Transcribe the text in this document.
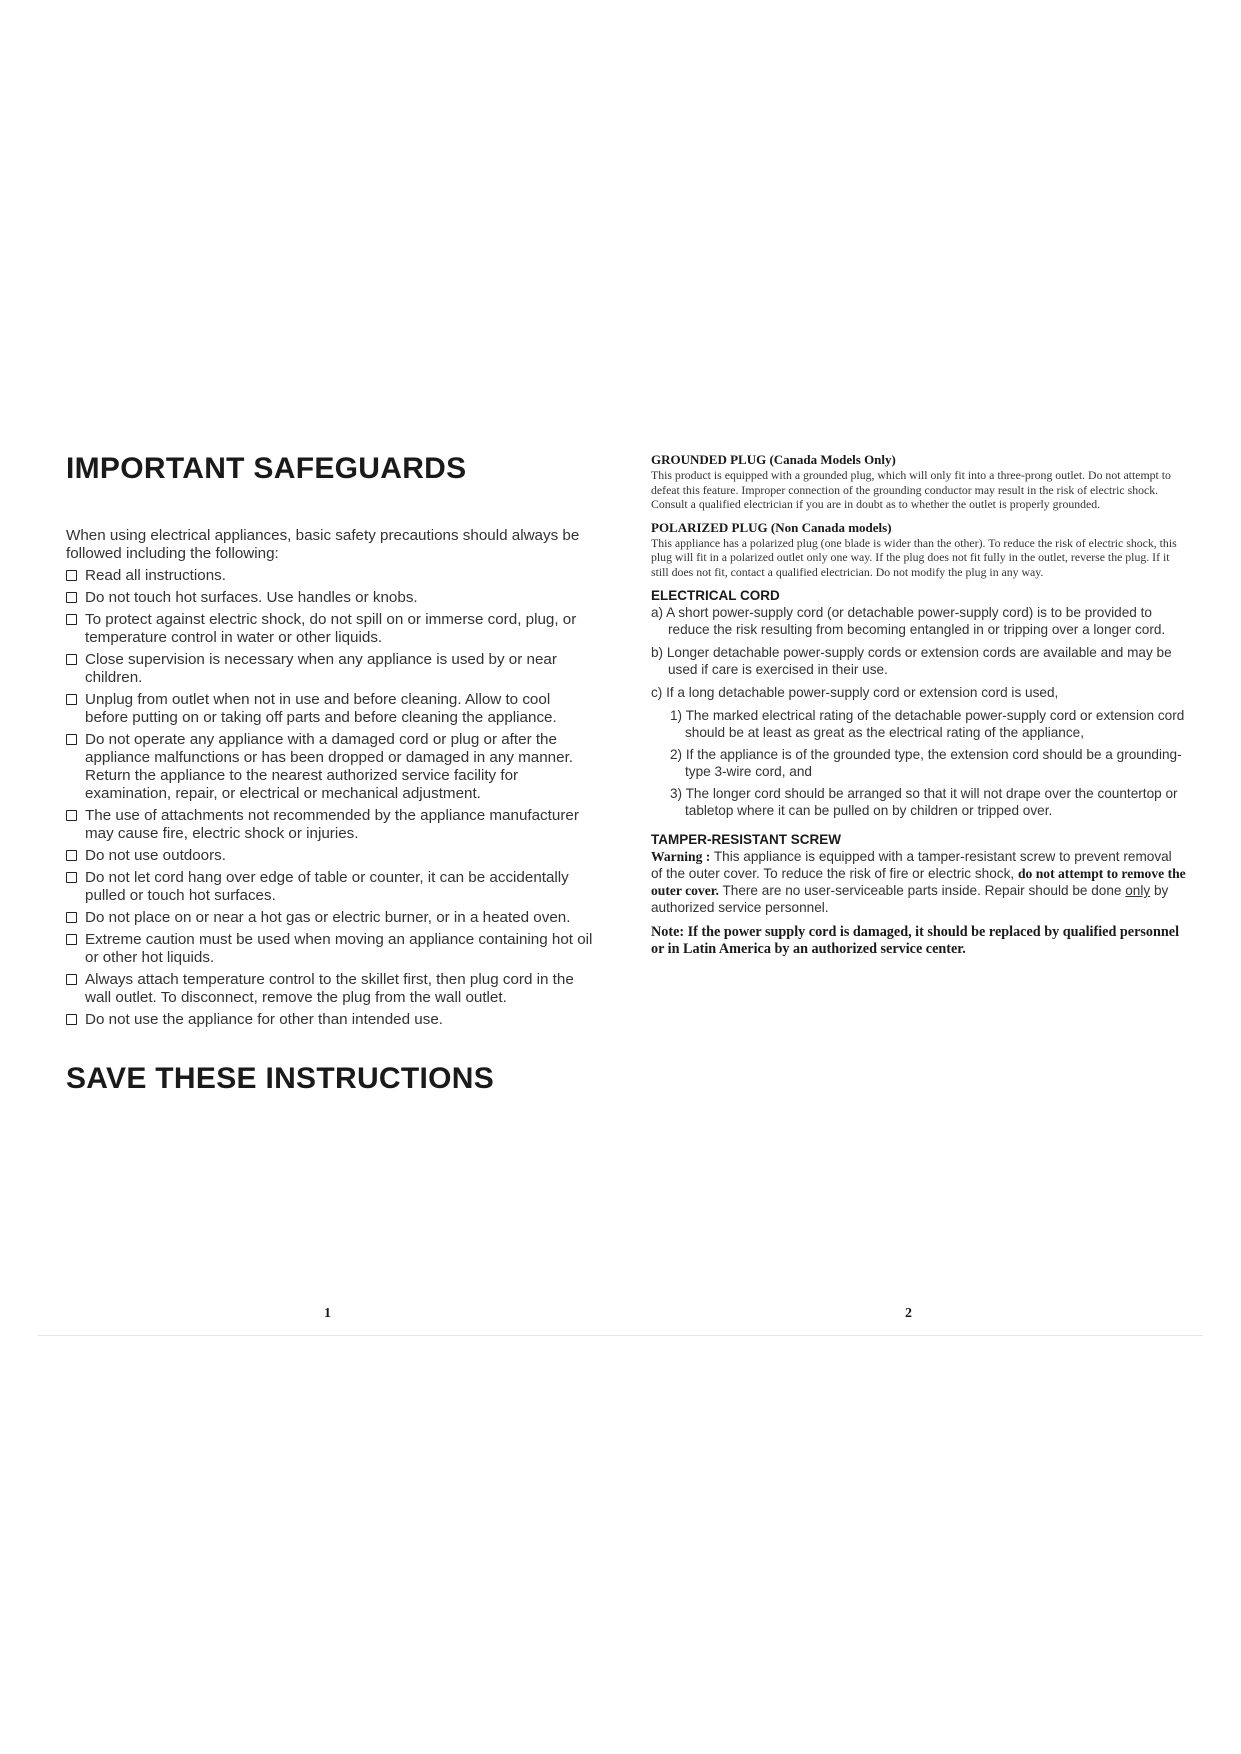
IMPORTANT SAFEGUARDS
When using electrical appliances, basic safety precautions should always be followed including the following:
Read all instructions.
Do not touch hot surfaces. Use handles or knobs.
To protect against electric shock, do not spill on or immerse cord, plug, or temperature control in water or other liquids.
Close supervision is necessary when any appliance is used by or near children.
Unplug from outlet when not in use and before cleaning. Allow to cool before putting on or taking off parts and before cleaning the appliance.
Do not operate any appliance with a damaged cord or plug or after the appliance malfunctions or has been dropped or damaged in any manner. Return the appliance to the nearest authorized service facility for examination, repair, or electrical or mechanical adjustment.
The use of attachments not recommended by the appliance manufacturer may cause fire, electric shock or injuries.
Do not use outdoors.
Do not let cord hang over edge of table or counter, it can be accidentally pulled or touch hot surfaces.
Do not place on or near a hot gas or electric burner, or in a heated oven.
Extreme caution must be used when moving an appliance containing hot oil or other hot liquids.
Always attach temperature control to the skillet first, then plug cord in the wall outlet. To disconnect, remove the plug from the wall outlet.
Do not use the appliance for other than intended use.
SAVE THESE INSTRUCTIONS
1
GROUNDED PLUG (Canada Models Only)
This product is equipped with a grounded plug, which will only fit into a three-prong outlet. Do not attempt to defeat this feature. Improper connection of the grounding conductor may result in the risk of electric shock. Consult a qualified electrician if you are in doubt as to whether the outlet is properly grounded.
POLARIZED PLUG (Non Canada models)
This appliance has a polarized plug (one blade is wider than the other). To reduce the risk of electric shock, this plug will fit in a polarized outlet only one way. If the plug does not fit fully in the outlet, reverse the plug. If it still does not fit, contact a qualified electrician. Do not modify the plug in any way.
ELECTRICAL CORD
a) A short power-supply cord (or detachable power-supply cord) is to be provided to reduce the risk resulting from becoming entangled in or tripping over a longer cord.
b) Longer detachable power-supply cords or extension cords are available and may be used if care is exercised in their use.
c) If a long detachable power-supply cord or extension cord is used,
1) The marked electrical rating of the detachable power-supply cord or extension cord should be at least as great as the electrical rating of the appliance,
2) If the appliance is of the grounded type, the extension cord should be a grounding-type 3-wire cord, and
3) The longer cord should be arranged so that it will not drape over the countertop or tabletop where it can be pulled on by children or tripped over.
TAMPER-RESISTANT SCREW
Warning : This appliance is equipped with a tamper-resistant screw to prevent removal of the outer cover. To reduce the risk of fire or electric shock, do not attempt to remove the outer cover. There are no user-serviceable parts inside. Repair should be done only by authorized service personnel.
Note: If the power supply cord is damaged, it should be replaced by qualified personnel or in Latin America by an authorized service center.
2
